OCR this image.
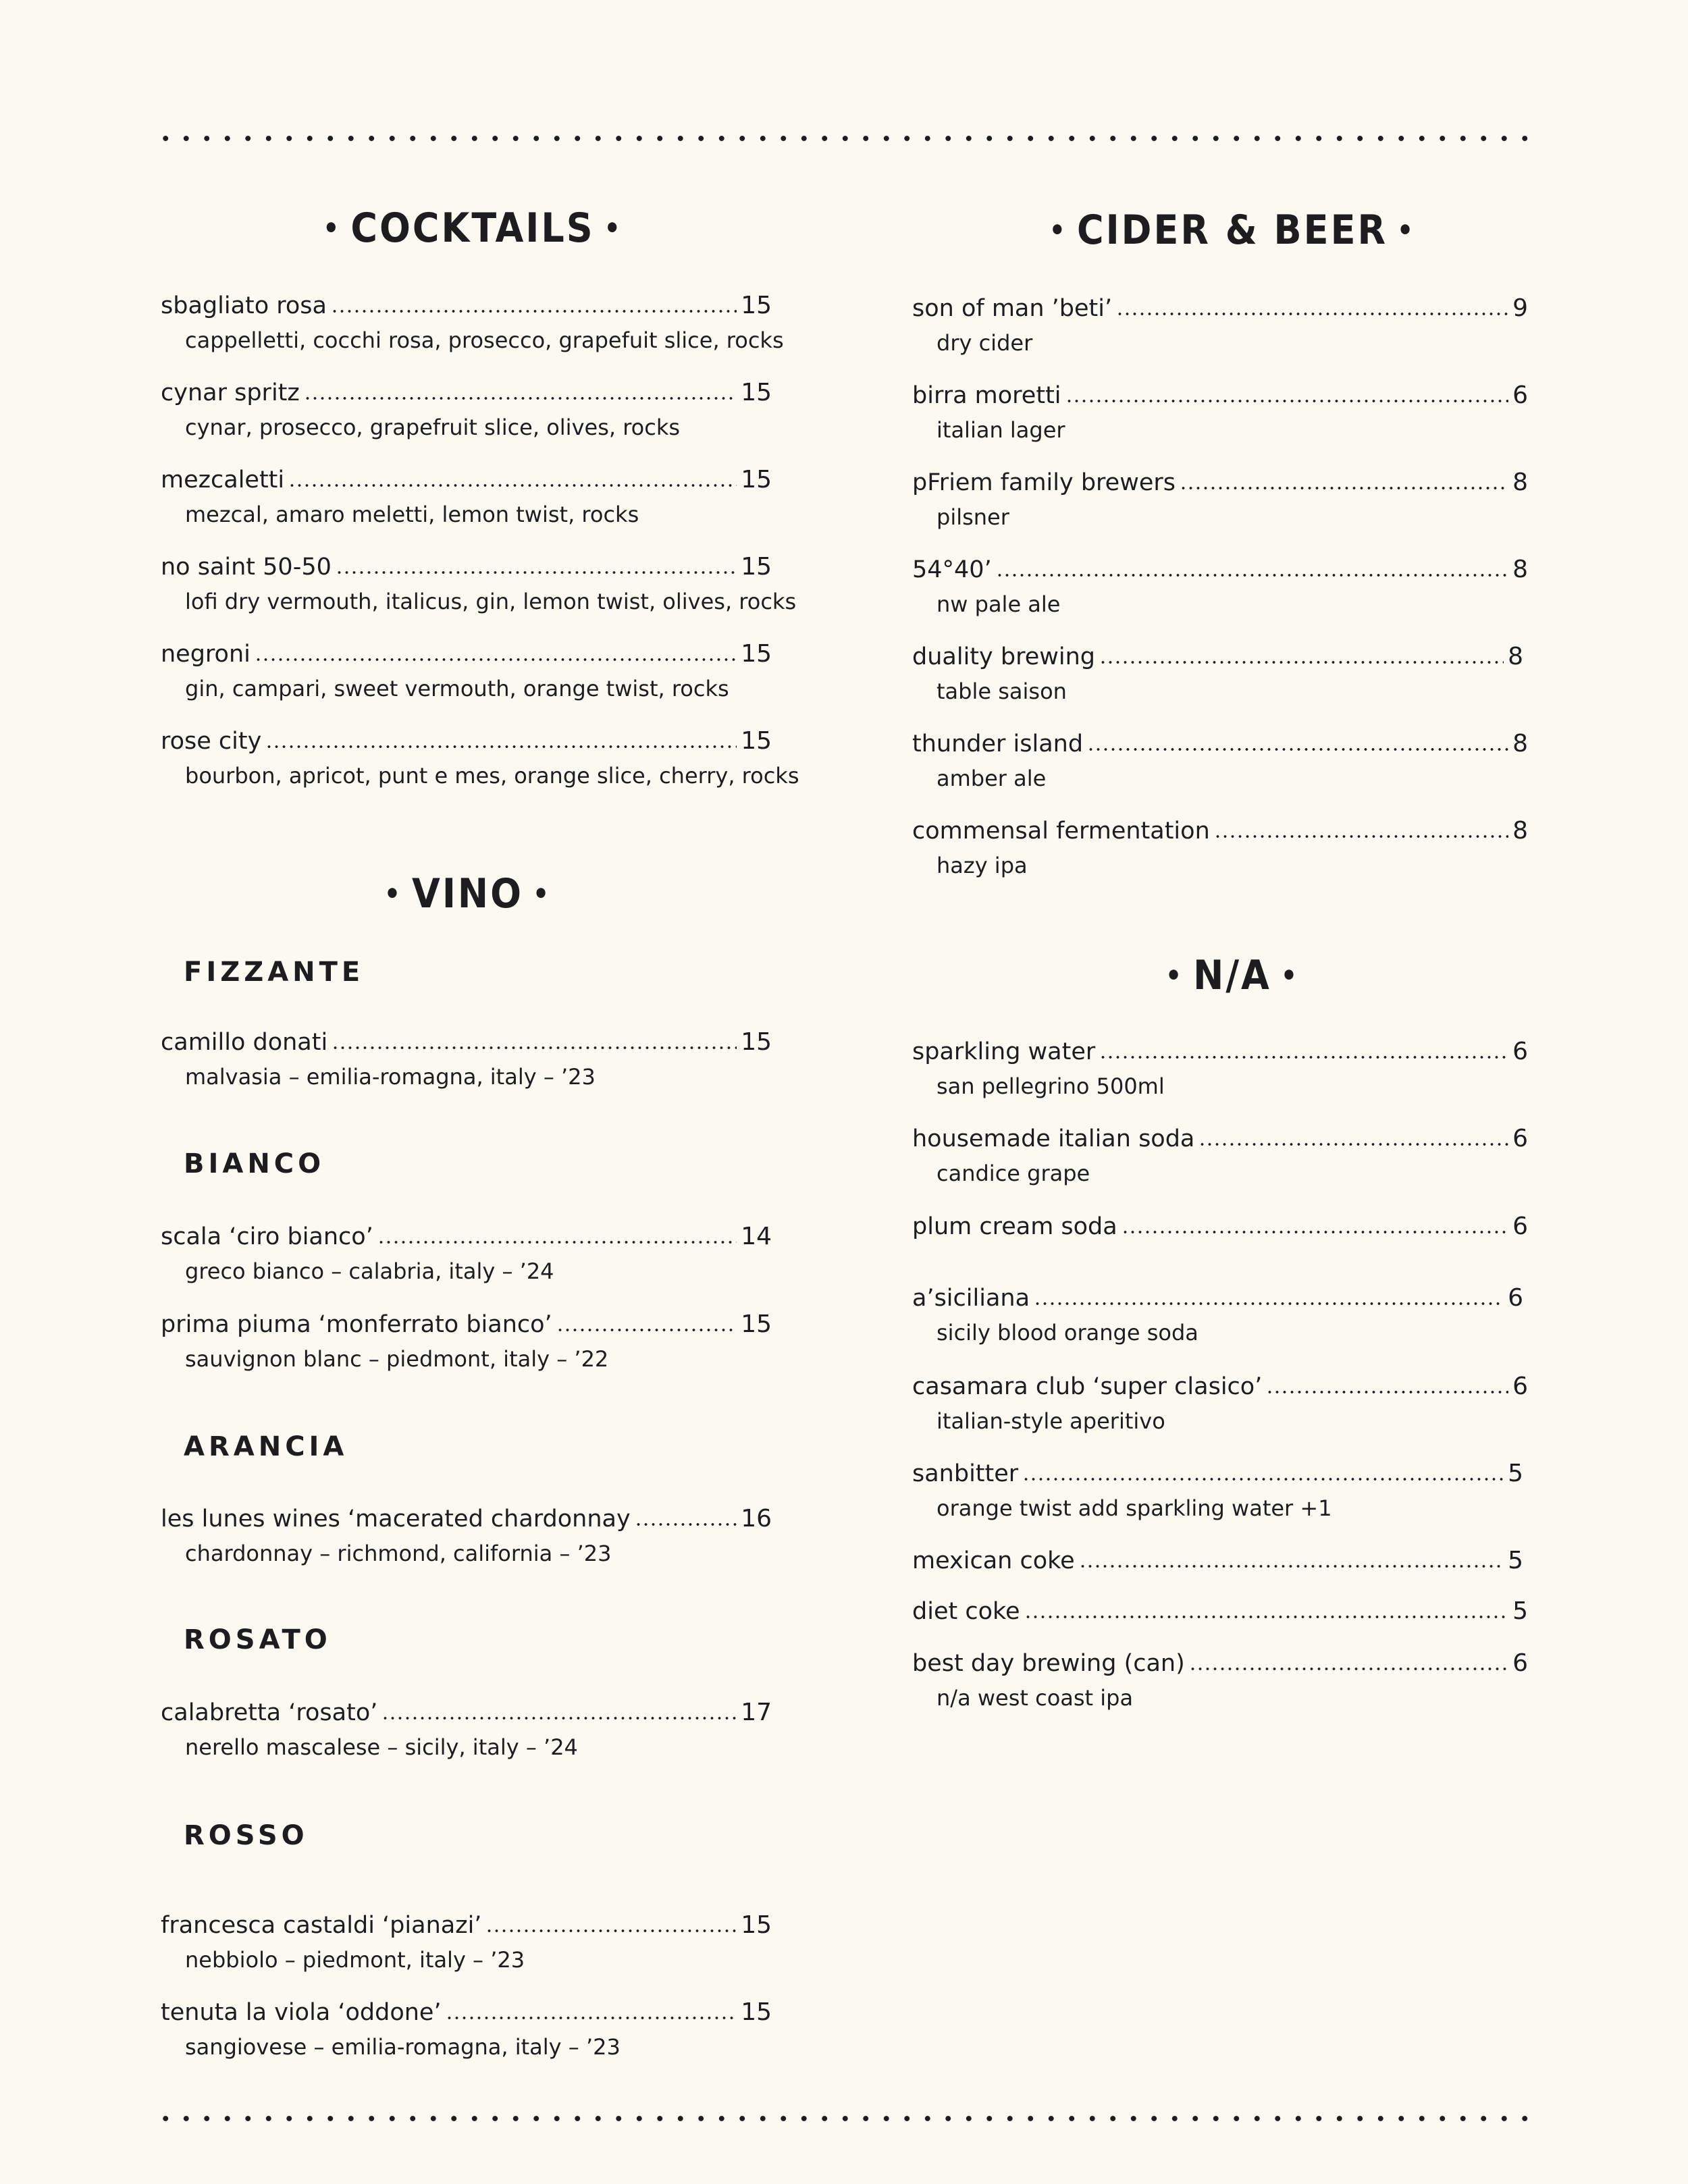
• COCKTAILS •
sbagliato rosa	15
cappelletti, cocchi rosa, prosecco, grapefuit slice, rocks
cynar spritz	15
cynar, prosecco, grapefruit slice, olives, rocks
mezcaletti	15
mezcal, amaro meletti, lemon twist, rocks
no saint 50-50	15
lofi dry vermouth, italicus, gin, lemon twist, olives, rocks
negroni	15
gin, campari, sweet vermouth, orange twist, rocks
rose city	15
bourbon, apricot, punt e mes, orange slice, cherry, rocks
• VINO •
FIZZANTE
camillo donati	15
malvasia – emilia-romagna, italy – ’23
BIANCO
scala ‘ciro bianco’	14
greco bianco – calabria, italy – ’24
prima piuma ‘monferrato bianco’	15
sauvignon blanc – piedmont, italy – ’22
ARANCIA
les lunes wines ‘macerated chardonnay	16
chardonnay – richmond, california – ’23
ROSATO
calabretta ‘rosato’	17
nerello mascalese – sicily, italy – ’24
ROSSO
francesca castaldi ‘pianazi’	15
nebbiolo – piedmont, italy – ’23
tenuta la viola ‘oddone’	15
sangiovese – emilia-romagna, italy – ’23
• CIDER & BEER •
son of man ’beti’	9
dry cider
birra moretti	6
italian lager
pFriem family brewers	8
pilsner
54°40’	8
nw pale ale
duality brewing	8
table saison
thunder island	8
amber ale
commensal fermentation	8
hazy ipa
• N/A •
sparkling water	6
san pellegrino 500ml
housemade italian soda	6
candice grape
plum cream soda	6
a’siciliana	6
sicily blood orange soda
casamara club ‘super clasico’	6
italian-style aperitivo
sanbitter	5
orange twist add sparkling water +1
mexican coke	5
diet coke	5
best day brewing (can)	6
n/a west coast ipa
